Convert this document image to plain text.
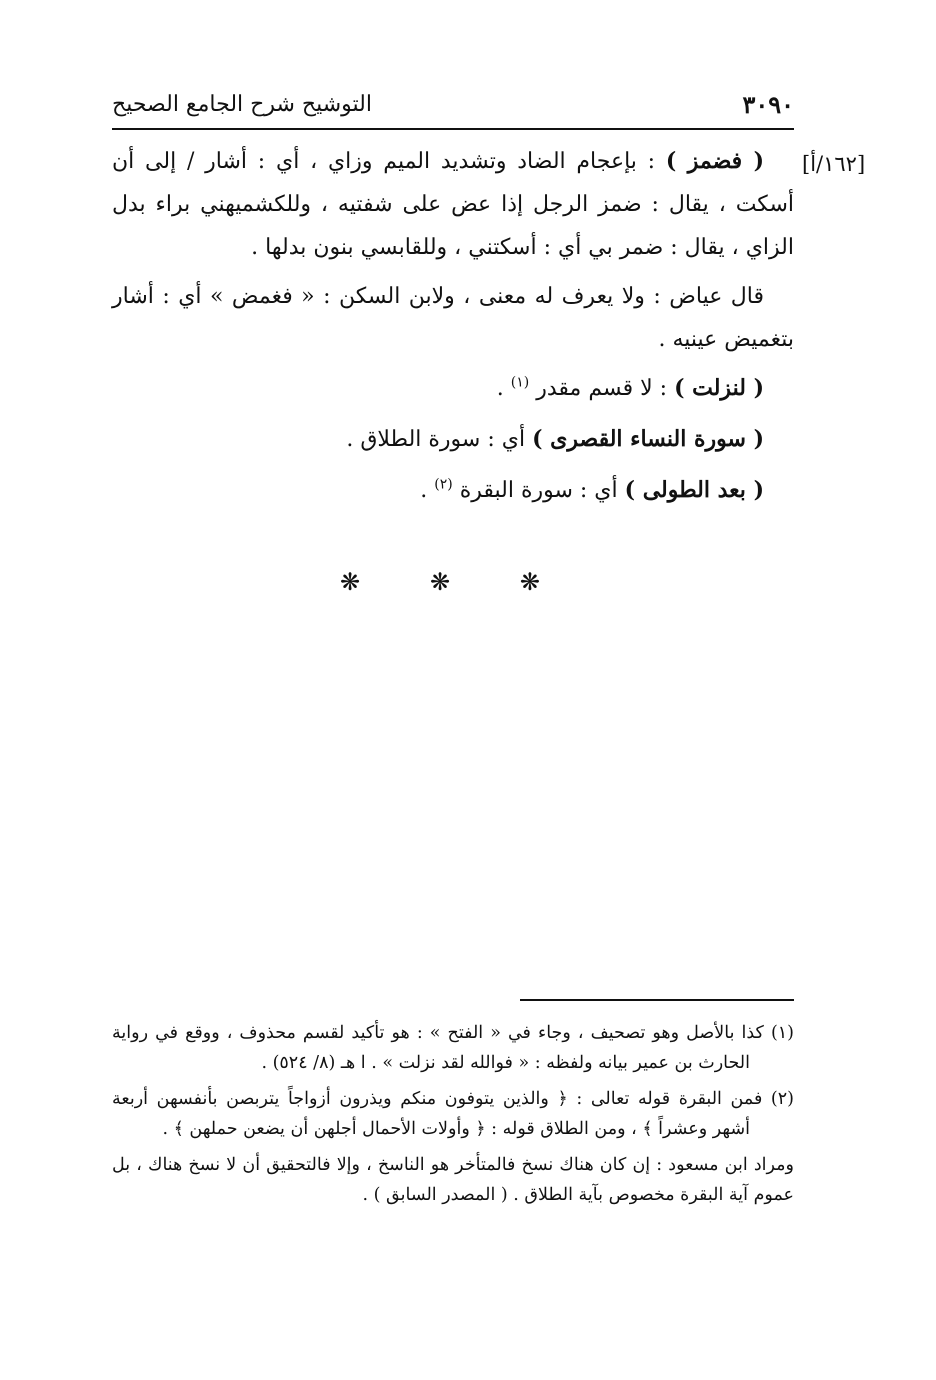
٣٠٩٠
التوشيح شرح الجامع الصحيح
[١٦٢/أ]

( فضمز ) : بإعجام الضاد وتشديد الميم وزاي ، أي : أشار / إلى أن أسكت ، يقال : ضمز الرجل إذا عض على شفتيه ، وللكشميهني براء بدل الزاي ، يقال : ضمر بي أي : أسكتني ، وللقابسي بنون بدلها .

قال عياض : ولا يعرف له معنى ، ولابن السكن : « فغمض » أي : أشار بتغميض عينيه .

( لنزلت ) : لا قسم مقدر $^{(١)}$ .

( سورة النساء القصرى ) أي : سورة الطلاق .

( بعد الطولى ) أي : سورة البقرة $^{(٢)}$ .

❋
❋
❋

(١) كذا بالأصل وهو تصحيف ، وجاء في « الفتح » : هو تأكيد لقسم محذوف ، ووقع في رواية الحارث بن عمير بيانه ولفظه : « فوالله لقد نزلت » . ا هـ (٨/ ٥٢٤) .

(٢) فمن البقرة قوله تعالى : ﴿ والذين يتوفون منكم ويذرون أزواجاً يتربصن بأنفسهن أربعة أشهر وعشراً ﴾ ، ومن الطلاق قوله : ﴿ وأولات الأحمال أجلهن أن يضعن حملهن ﴾ .

ومراد ابن مسعود : إن كان هناك نسخ فالمتأخر هو الناسخ ، وإلا فالتحقيق أن لا نسخ هناك ، بل عموم آية البقرة مخصوص بآية الطلاق . ( المصدر السابق ) .
